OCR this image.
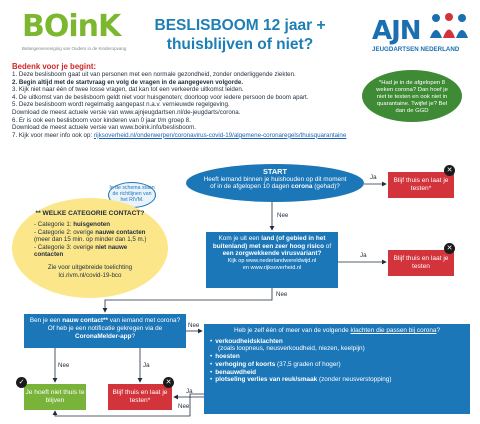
BOinK
Belangenvereniging van Ouders in de Kinderopvang
BESLISBOOM 12 jaar +
thuisblijven of niet?	AJN
JEUGDARTSEN NEDERLAND
Bedenk voor je begint:
1. Deze beslisboom gaat uit van personen met een normale gezondheid, zonder onderliggende ziekten.
2. Begin altijd met de startvraag en volg de vragen in de aangegeven volgorde.
3. Kijk niet naar één of twee losse vragen, dat kan tot een verkeerde uitkomst leiden.
4. De uitkomst van de beslisboom geldt niet voor huisgenoten; doorloop voor iedere persoon de boom apart.
5. Deze beslisboom wordt regelmatig aangepast n.a.v. vernieuwde regelgeving.
Download de meest actuele versie van www.ajnjeugdartsen.nl/de-jeugdarts/corona.
6. Er is ook een beslisboom voor kinderen van 0 jaar t/m groep 8.
Download de meest actuele versie van www.boink.info/beslisboom.
7. Kijk voor meer info ook op: rijksoverheid.nl/onderwerpen/coronavirus-covid-19/algemene-coronaregels/thuisquarantaine
*Had je in de afgelopen 8 weken corona? Dan hoef je niet te testen en ook niet in quarantaine. Twijfel je? Bel dan de GGD
Ja
Nee
Ja
Nee
Nee
Nee	Ja
Nee
Ja
In de schema staan de richtlijnen van het RIVM.
START
Heeft iemand binnen je huishouden op dit moment
of in de afgelopen 10 dagen corona (gehad)?
Blijf thuis en laat je testen*
✕
Kom je uit een land (of gebied in het buitenland) met een zeer hoog risico of een zorgwekkende virusvariant?
Kijk op www.nederlandwereldwijd.nl
en www.rijksoverheid.nl
Blijf thuis en laat je testen
✕
** WELKE CATEGORIE CONTACT?
- Categorie 1: huisgenoten
- Categorie 2: overige nauwe contacten (meer dan 15 min. op minder dan 1,5 m.)
- Categorie 3: overige niet nauwe contacten
Zie voor uitgebreide toelichting lci.rivm.nl/covid-19-bco
Ben je een nauw contact** van iemand met corona? Of heb je een notificatie gekregen via de CoronaMelder-app?
Heb je zelf één of meer van de volgende klachten die passen bij corona?
• verkoudheidsklachten
(zoals loopneus, neusverkoudheid, niezen, keelpijn)
• hoesten
• verhoging of koorts (37,5 graden of hoger)
• benauwdheid
• plotseling verlies van reuk/smaak (zonder neusverstopping)
Je hoeft niet thuis te blijven
✓
Blijf thuis en laat je testen*
✕
